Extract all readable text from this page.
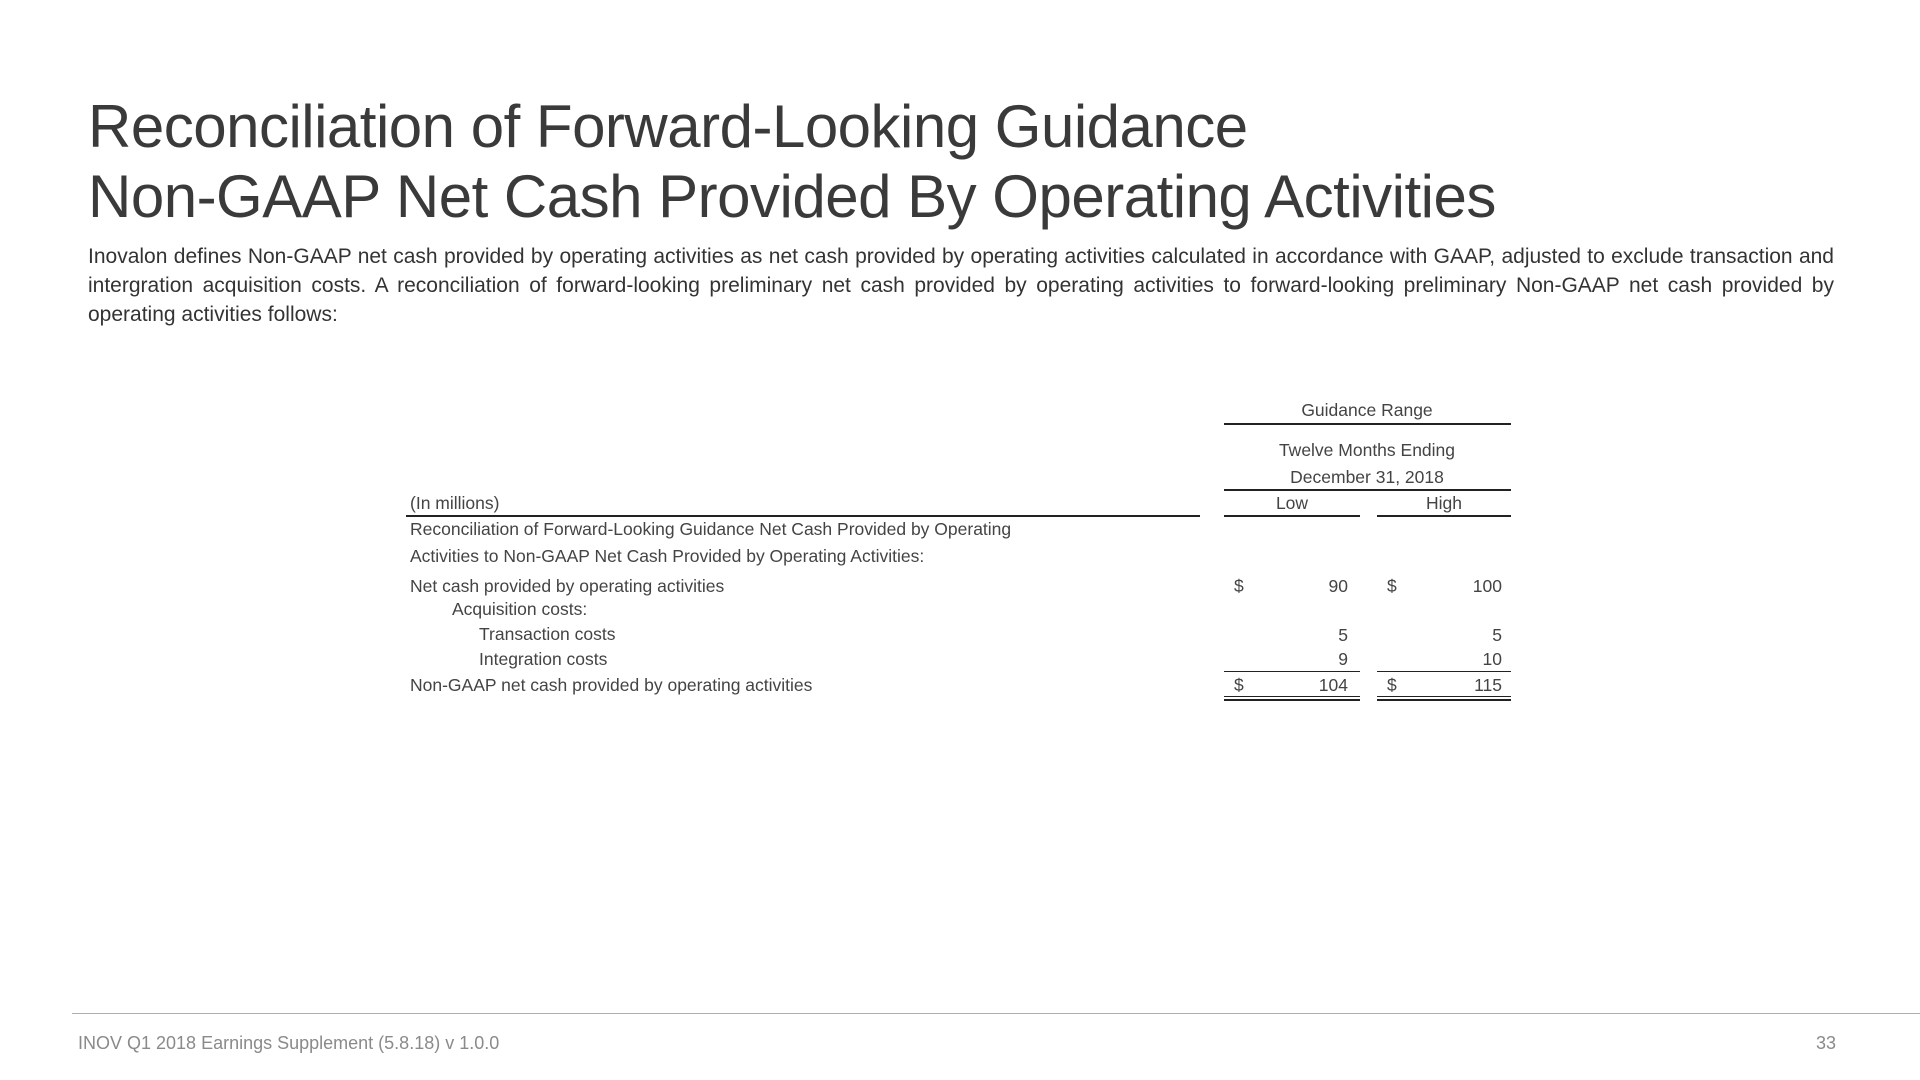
Reconciliation of Forward-Looking Guidance
Non-GAAP Net Cash Provided By Operating Activities

Inovalon defines Non-GAAP net cash provided by operating activities as net cash provided by operating activities calculated in accordance with GAAP, adjusted to exclude transaction and intergration acquisition costs. A reconciliation of forward-looking preliminary net cash provided by operating activities to forward-looking preliminary Non-GAAP net cash provided by operating activities follows:

Guidance Range
Twelve Months Ending
December 31, 2018
(In millions)	Low	High
Reconciliation of Forward-Looking Guidance Net Cash Provided by Operating
Activities to Non-GAAP Net Cash Provided by Operating Activities:
Net cash provided by operating activities	$	90 $	100
Acquisition costs:
Transaction costs	5	5
Integration costs	9	10
Non-GAAP net cash provided by operating activities	$	104 $	115
INOV Q1 2018 Earnings Supplement (5.8.18) v 1.0.0	33
